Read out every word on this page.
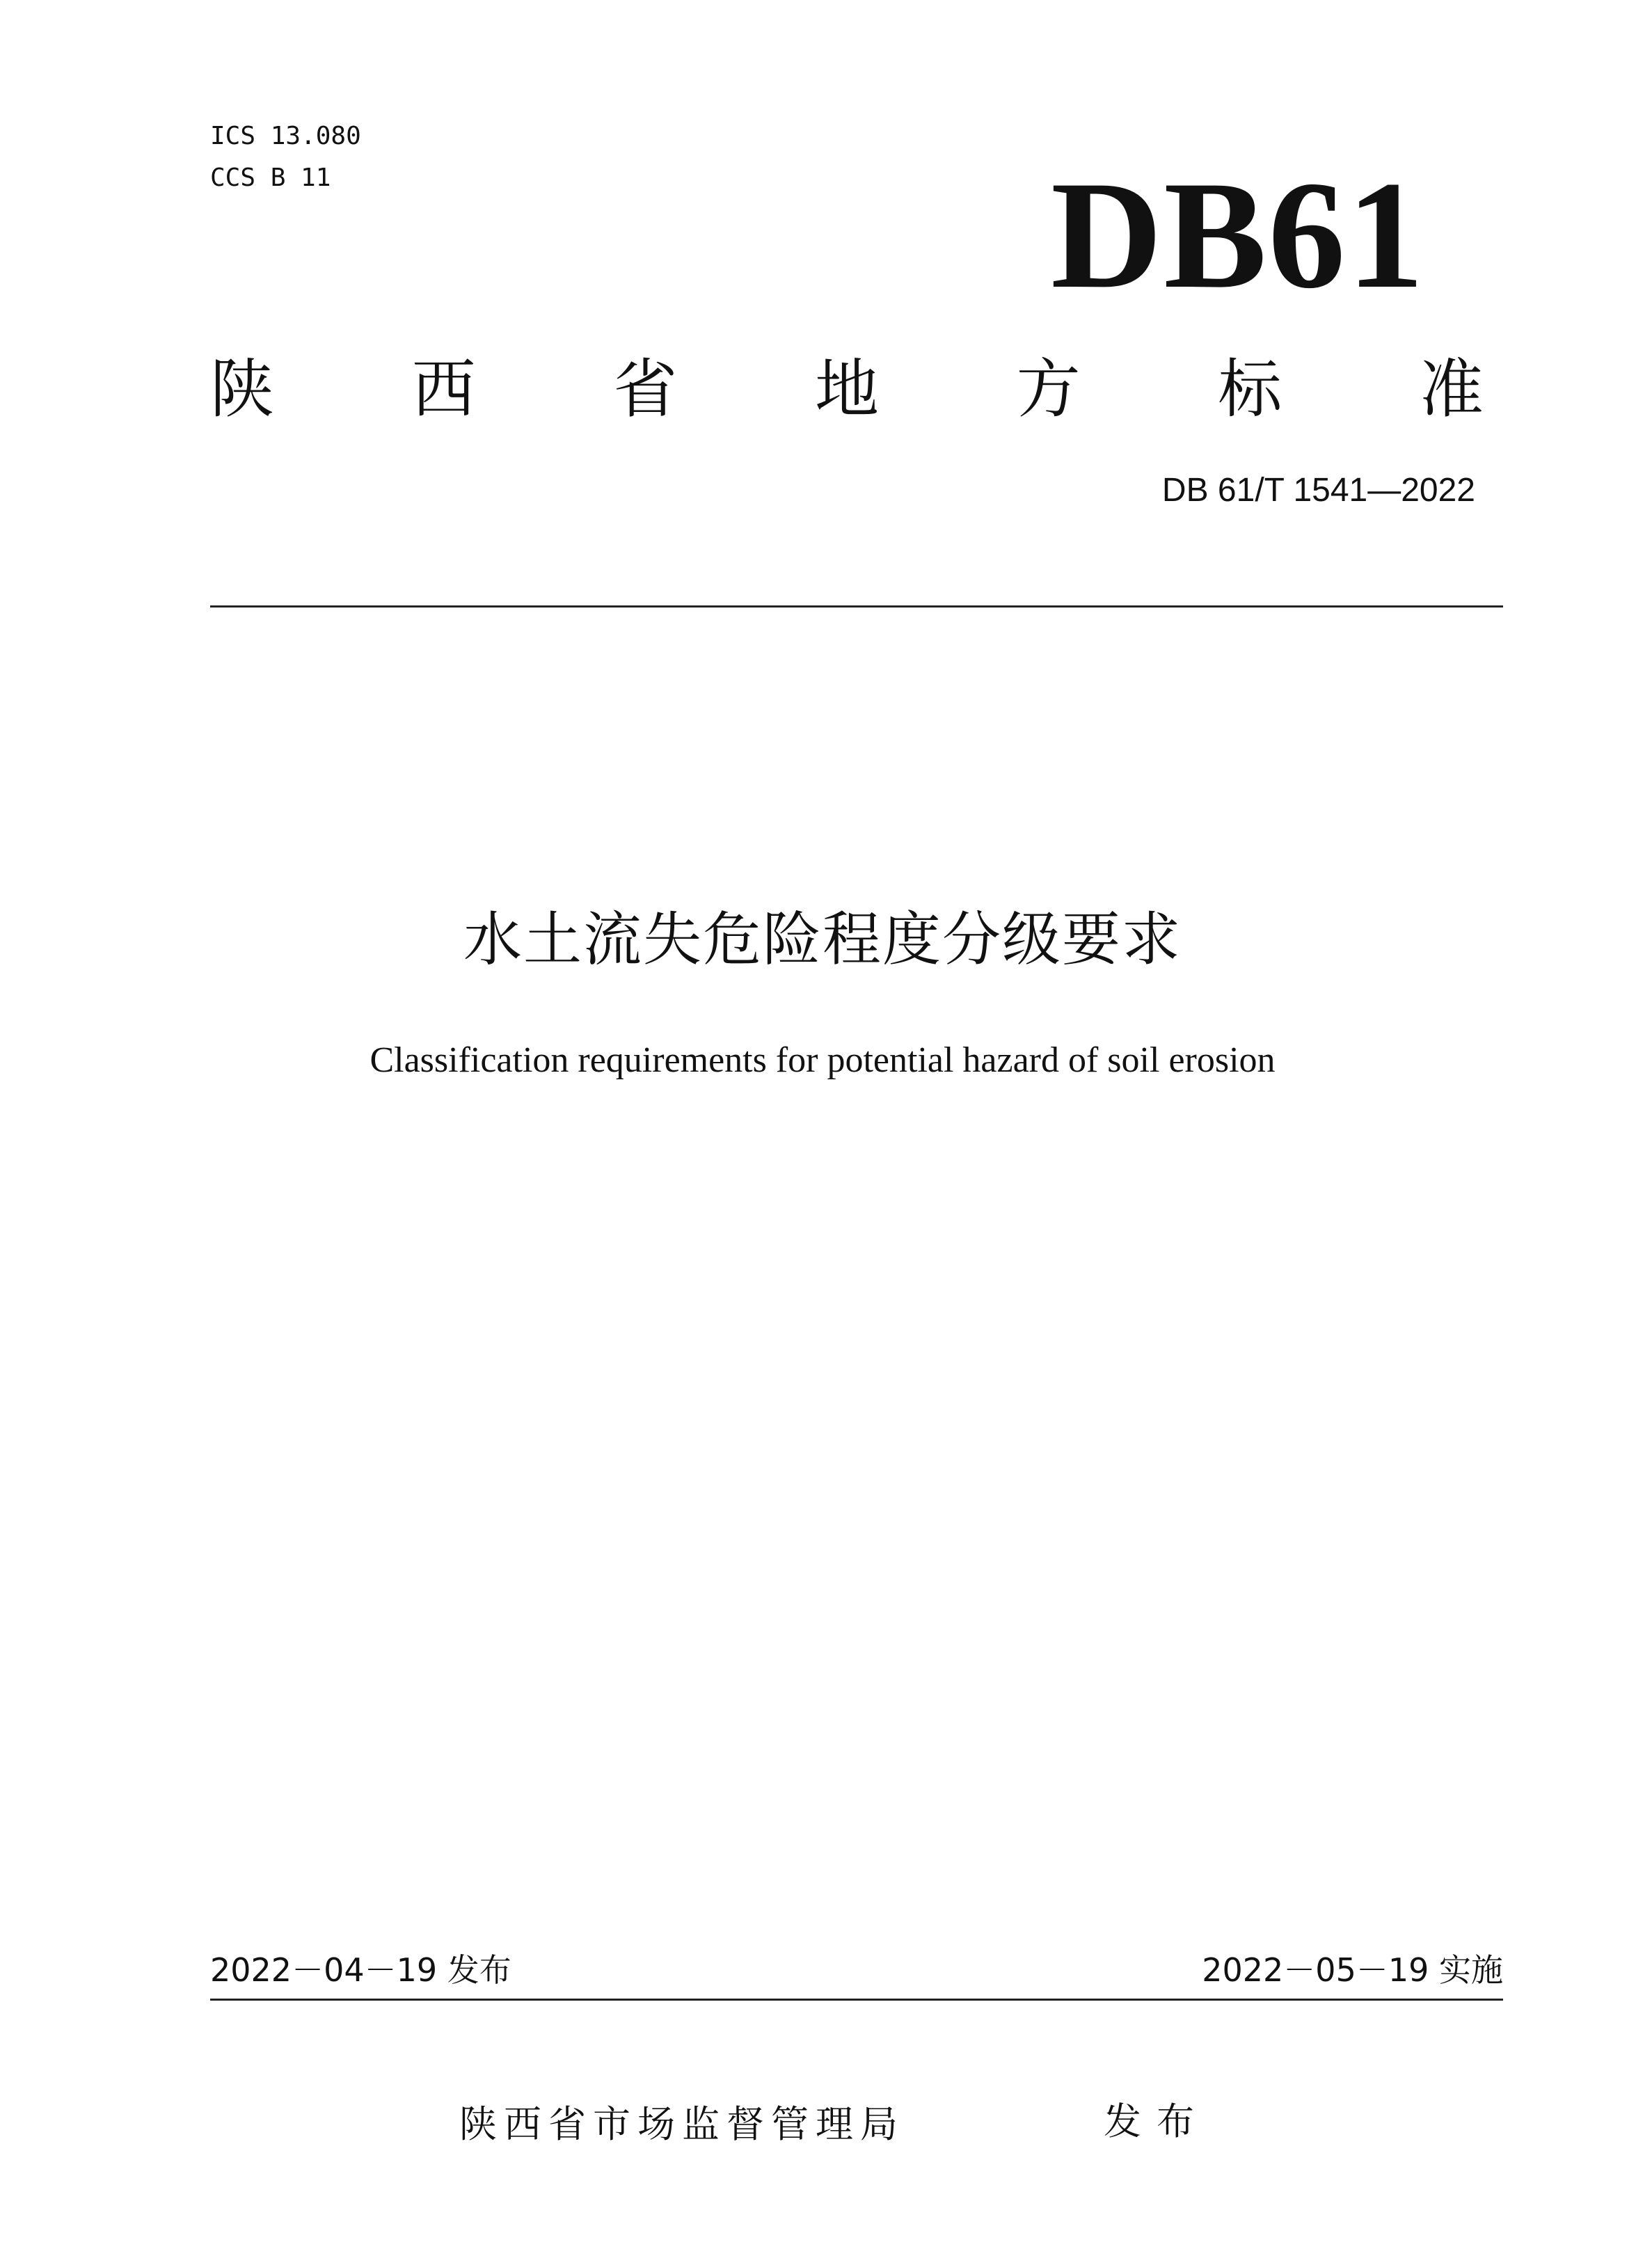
ICS 13.080
CCS B 11	DB61
陕 西 省 地 方 标 准
DB 61/T 1541—2022
水土流失危险程度分级要求
Classification requirements for potential hazard of soil erosion
2022－04－19 发布	2022－05－19 实施
陕西省市场监督管理局	发布
